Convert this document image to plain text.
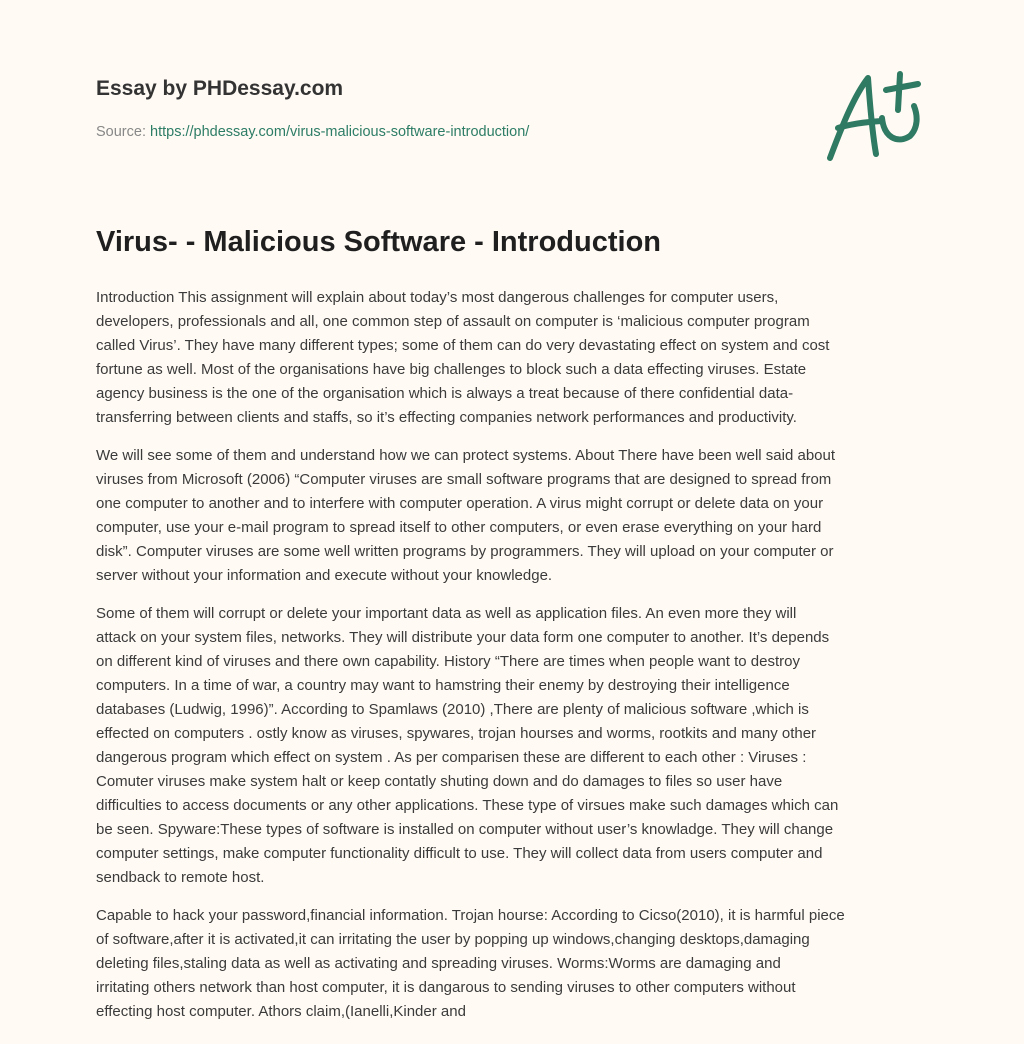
Essay by PHDessay.com
Source: https://phdessay.com/virus-malicious-software-introduction/
Virus- - Malicious Software - Introduction

Introduction This assignment will explain about today’s most dangerous challenges for computer users,
developers, professionals and all, one common step of assault on computer is ‘malicious computer program
called Virus’. They have many different types; some of them can do very devastating effect on system and cost
fortune as well. Most of the organisations have big challenges to block such a data effecting viruses. Estate
agency business is the one of the organisation which is always a treat because of there confidential data-
transferring between clients and staffs, so it’s effecting companies network performances and productivity.

We will see some of them and understand how we can protect systems. About There have been well said about
viruses from Microsoft (2006) “Computer viruses are small software programs that are designed to spread from
one computer to another and to interfere with computer operation. A virus might corrupt or delete data on your
computer, use your e-mail program to spread itself to other computers, or even erase everything on your hard
disk”. Computer viruses are some well written programs by programmers. They will upload on your computer or
server without your information and execute without your knowledge.

Some of them will corrupt or delete your important data as well as application files. An even more they will
attack on your system files, networks. They will distribute your data form one computer to another. It’s depends
on different kind of viruses and there own capability. History “There are times when people want to destroy
computers. In a time of war, a country may want to hamstring their enemy by destroying their intelligence
databases (Ludwig, 1996)”. According to Spamlaws (2010) ,There are plenty of malicious software ,which is
effected on computers . ostly know as viruses, spywares, trojan hourses and worms, rootkits and many other
dangerous program which effect on system . As per comparisen these are different to each other : Viruses :
Comuter viruses make system halt or keep contatly shuting down and do damages to files so user have
difficulties to access documents or any other applications. These type of virsues make such damages which can
be seen. Spyware:These types of software is installed on computer without user’s knowladge. They will change
computer settings, make computer functionality difficult to use. They will collect data from users computer and
sendback to remote host.

Capable to hack your password,financial information. Trojan hourse: According to Cicso(2010), it is harmful piece
of software,after it is activated,it can irritating the user by popping up windows,changing desktops,damaging
deleting files,staling data as well as activating and spreading viruses. Worms:Worms are damaging and
irritating others network than host computer, it is dangarous to sending viruses to other computers without
effecting host computer. Athors claim,(Ianelli,Kinder and
